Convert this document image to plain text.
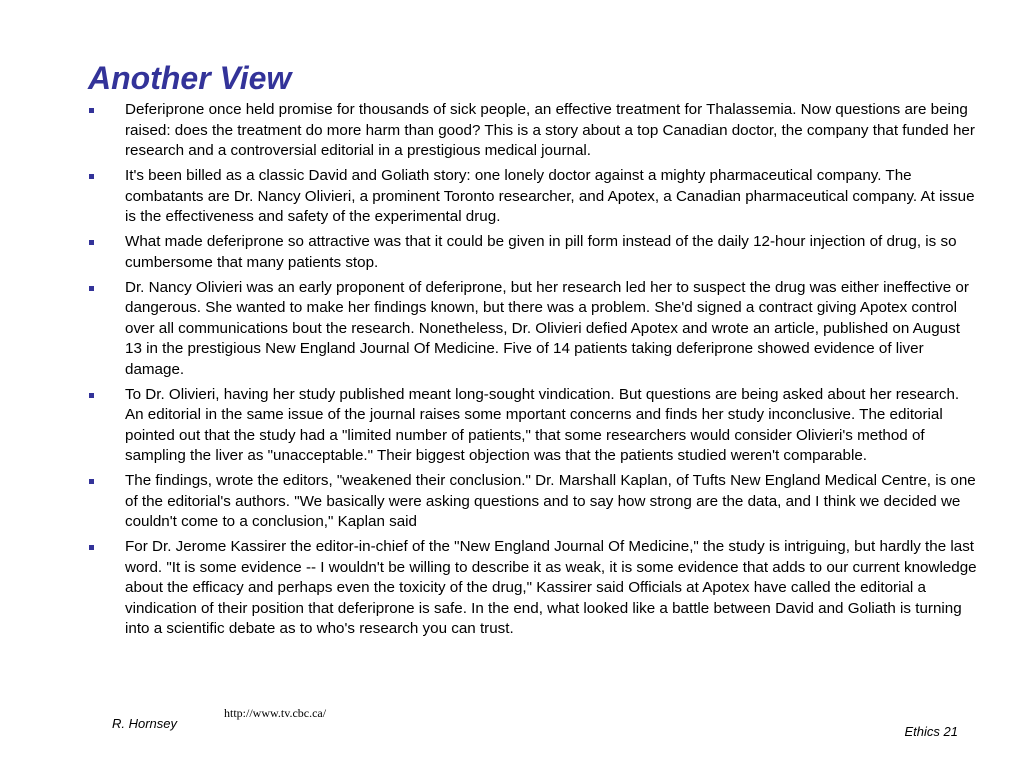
Another View
Deferiprone once held promise for thousands of sick people, an effective treatment for Thalassemia. Now questions are being raised: does the treatment do more harm than good? This is a story about a top Canadian doctor, the company that funded her research and a controversial editorial in a prestigious medical journal.
It's been billed as a classic David and Goliath story: one lonely doctor against a mighty pharmaceutical company. The combatants are Dr. Nancy Olivieri, a prominent Toronto researcher, and Apotex, a Canadian pharmaceutical company. At issue is the effectiveness and safety of the experimental drug.
What made deferiprone so attractive was that it could be given in pill form instead of the daily 12-hour injection of drug, is so cumbersome that many patients stop.
Dr. Nancy Olivieri was an early proponent of deferiprone, but her research led her to suspect the drug was either ineffective or dangerous. She wanted to make her findings known, but there was a problem. She'd signed a contract giving Apotex control over all communications bout the research. Nonetheless, Dr. Olivieri defied Apotex and wrote an article, published on August 13 in the prestigious New England Journal Of Medicine. Five of 14 patients taking deferiprone showed evidence of liver damage.
To Dr. Olivieri, having her study published meant long-sought vindication. But questions are being asked about her research. An editorial in the same issue of the journal raises some mportant concerns and finds her study inconclusive. The editorial pointed out that the study had a "limited number of patients," that some researchers would consider Olivieri's method of sampling the liver as "unacceptable." Their biggest objection was that the patients studied weren't comparable.
The findings, wrote the editors, "weakened their conclusion." Dr. Marshall Kaplan, of Tufts New England Medical Centre, is one of the editorial's authors. "We basically were asking questions and to say how strong are the data, and I think we decided we couldn't come to a conclusion," Kaplan said
For Dr. Jerome Kassirer the editor-in-chief of the "New England Journal Of Medicine," the study is intriguing, but hardly the last word. "It is some evidence -- I wouldn't be willing to describe it as weak, it is some evidence that adds to our current knowledge about the efficacy and perhaps even the toxicity of the drug," Kassirer said Officials at Apotex have called the editorial a vindication of their position that deferiprone is safe. In the end, what looked like a battle between David and Goliath is turning into a scientific debate as to who's research you can trust.
http://www.tv.cbc.ca/
R. Hornsey
Ethics 21
